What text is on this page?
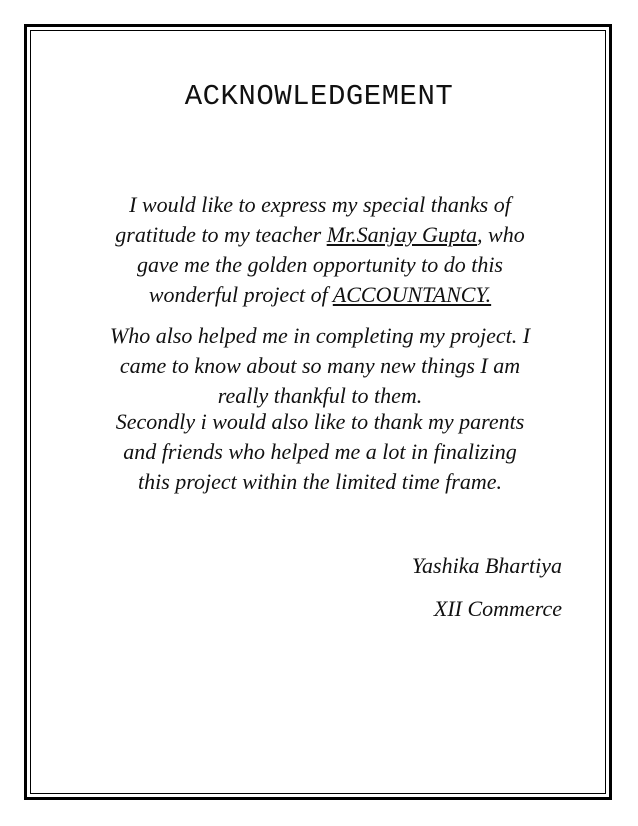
ACKNOWLEDGEMENT
I would like to express my special thanks of
gratitude to my teacher Mr.Sanjay Gupta, who
gave me the golden opportunity to do this
wonderful project of ACCOUNTANCY.
Who also helped me in completing my project. I
came to know about so many new things I am
really thankful to them.
Secondly i would also like to thank my parents
and friends who helped me a lot in finalizing
this project within the limited time frame.
Yashika Bhartiya
XII Commerce
